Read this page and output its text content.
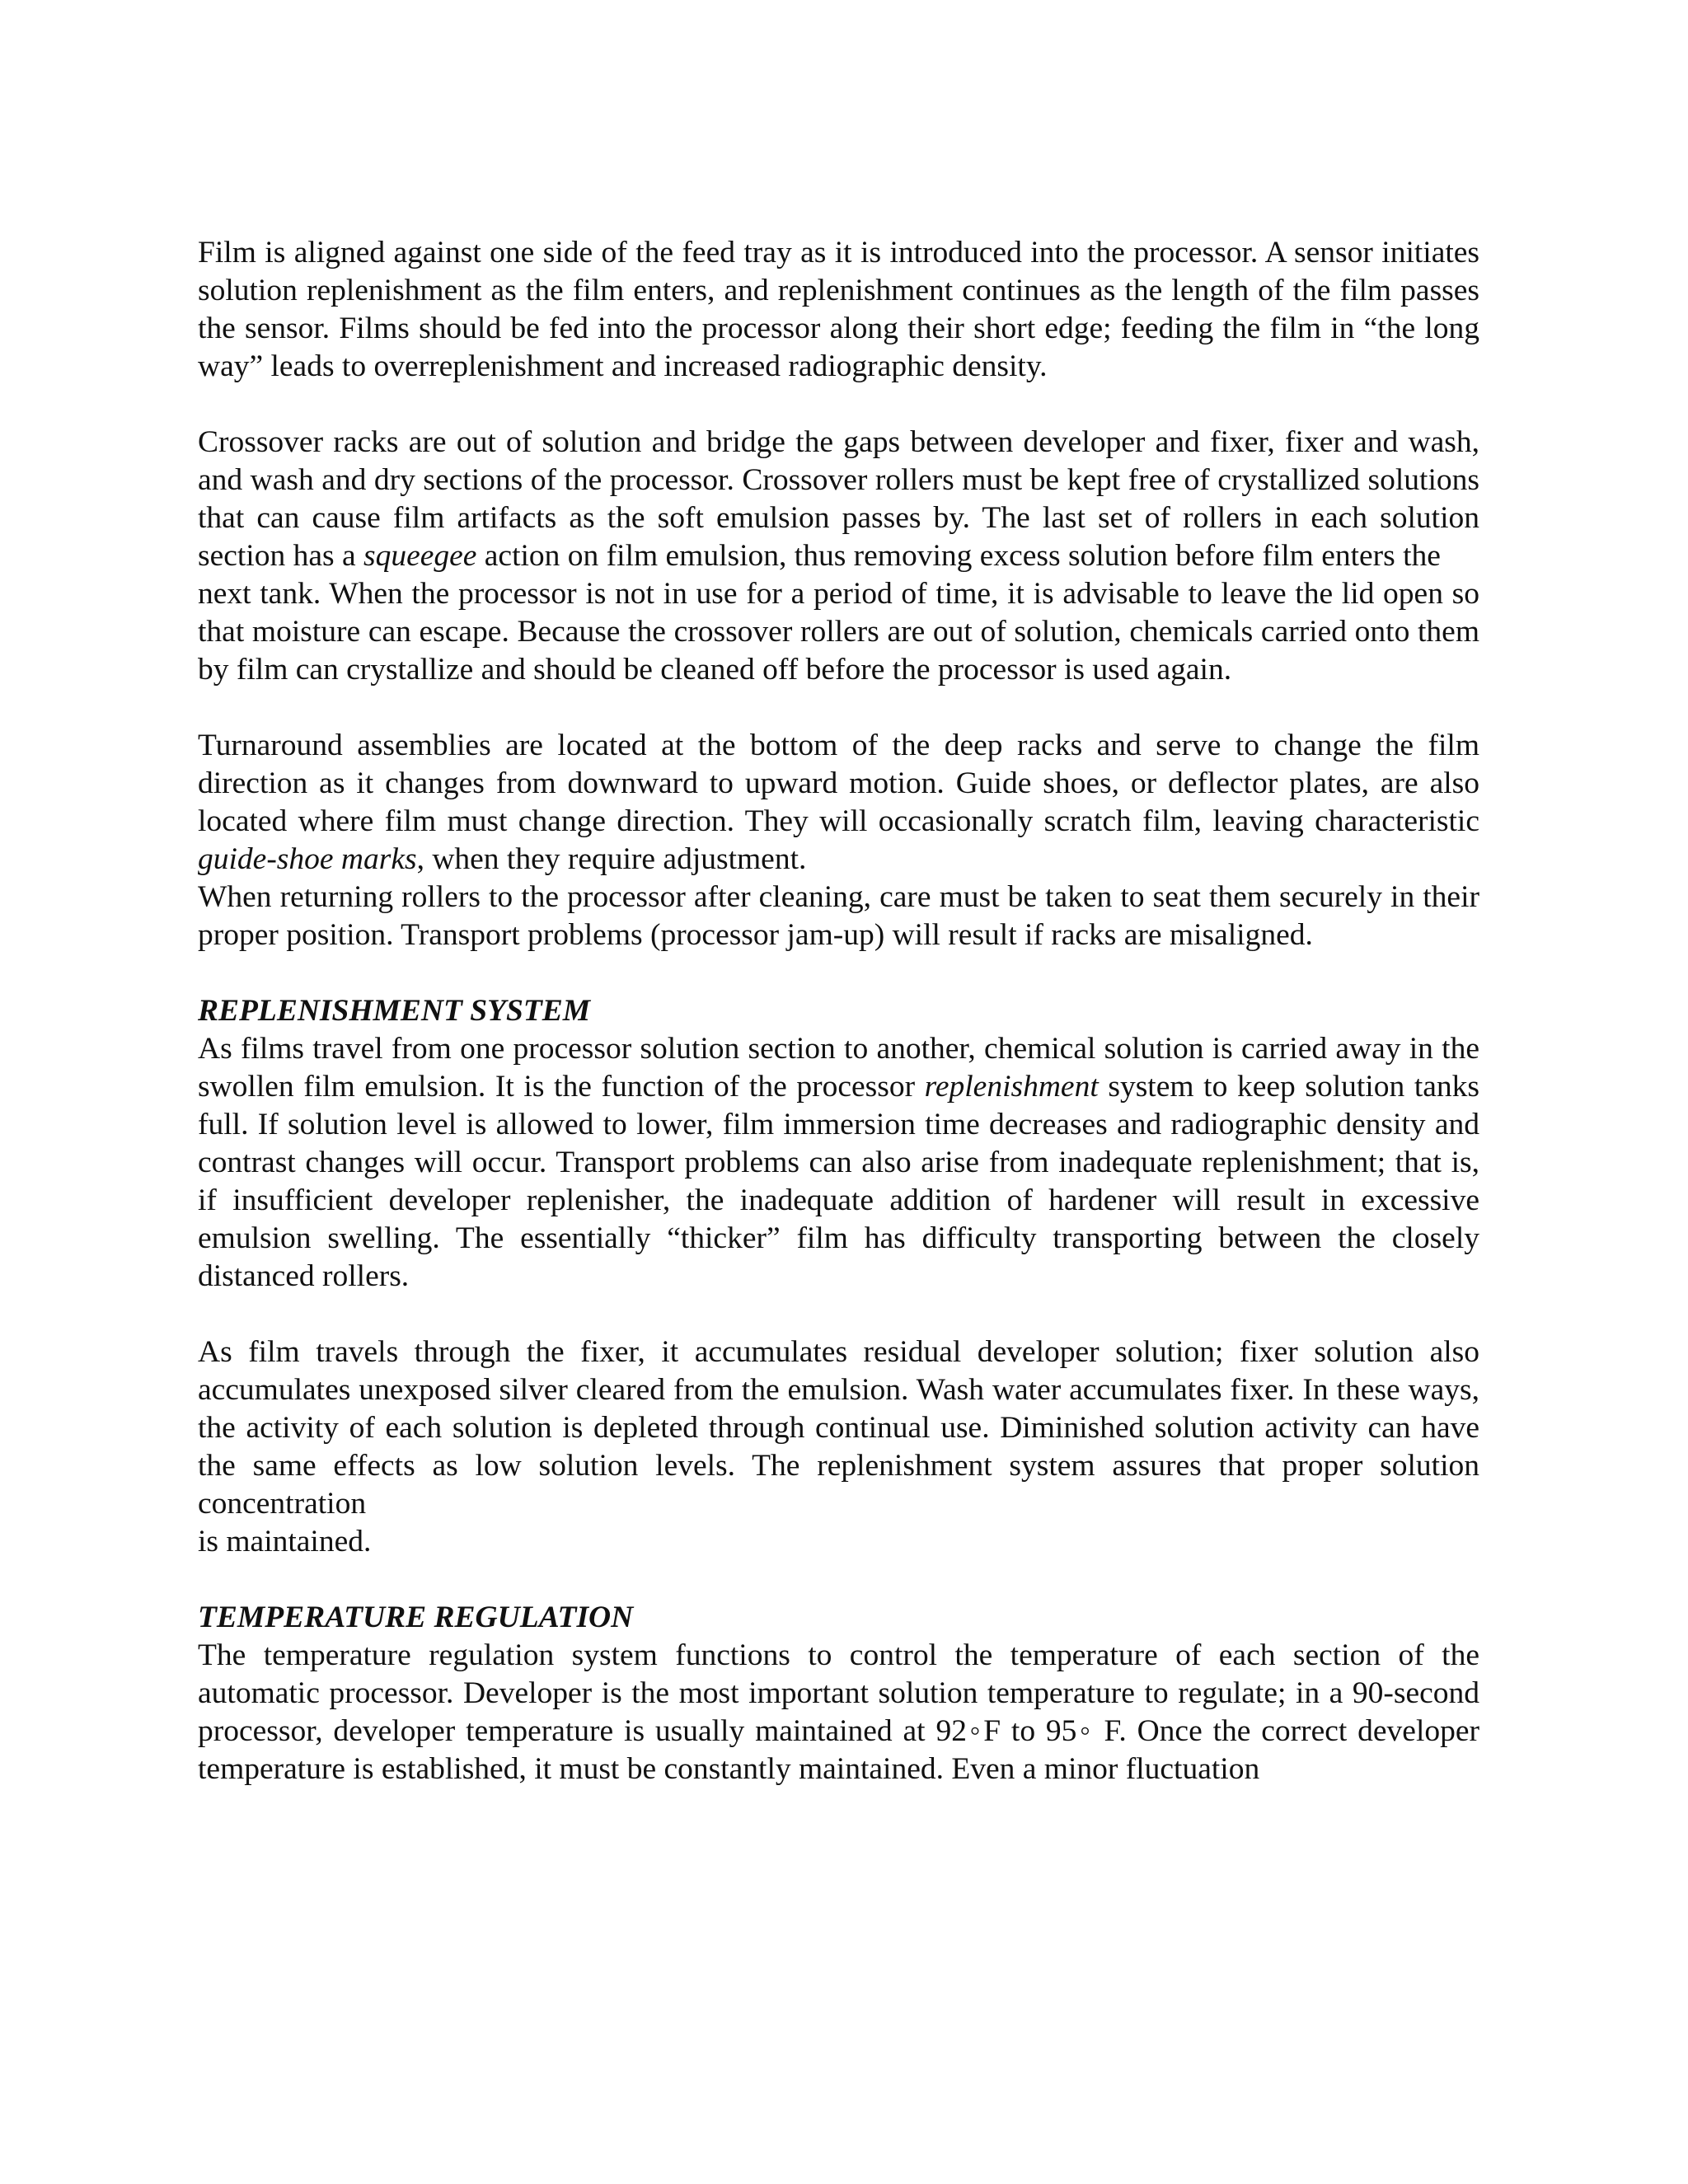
Film is aligned against one side of the feed tray as it is introduced into the processor. A sensor initiates solution replenishment as the film enters, and replenishment continues as the length of the film passes the sensor. Films should be fed into the processor along their short edge; feeding the film in “the long way” leads to overreplenishment and increased radiographic density.

Crossover racks are out of solution and bridge the gaps between developer and fixer, fixer and wash, and wash and dry sections of the processor. Crossover rollers must be kept free of crystallized solutions that can cause film artifacts as the soft emulsion passes by. The last set of rollers in each solution section has a squeegee action on film emulsion, thus removing excess solution before film enters the

next tank. When the processor is not in use for a period of time, it is advisable to leave the lid open so that moisture can escape. Because the crossover rollers are out of solution, chemicals carried onto them by film can crystallize and should be cleaned off before the processor is used again.

Turnaround assemblies are located at the bottom of the deep racks and serve to change the film direction as it changes from downward to upward motion. Guide shoes, or deflector plates, are also located where film must change direction. They will occasionally scratch film, leaving characteristic guide-shoe marks, when they require adjustment.

When returning rollers to the processor after cleaning, care must be taken to seat them securely in their proper position. Transport problems (processor jam-up) will result if racks are misaligned.

REPLENISHMENT SYSTEM

As films travel from one processor solution section to another, chemical solution is carried away in the swollen film emulsion. It is the function of the processor replenishment system to keep solution tanks full. If solution level is allowed to lower, film immersion time decreases and radiographic density and contrast changes will occur. Transport problems can also arise from inadequate replenishment; that is, if insufficient developer replenisher, the inadequate addition of hardener will result in excessive emulsion swelling. The essentially “thicker” film has difficulty transporting between the closely distanced rollers.

As film travels through the fixer, it accumulates residual developer solution; fixer solution also accumulates unexposed silver cleared from the emulsion. Wash water accumulates fixer. In these ways, the activity of each solution is depleted through continual use. Diminished solution activity can have the same effects as low solution levels. The replenishment system assures that proper solution concentration

is maintained.

TEMPERATURE REGULATION

The temperature regulation system functions to control the temperature of each section of the automatic processor. Developer is the most important solution temperature to regulate; in a 90-second processor, developer temperature is usually maintained at 92◦F to 95◦ F. Once the correct developer temperature is established, it must be constantly maintained. Even a minor fluctuation
